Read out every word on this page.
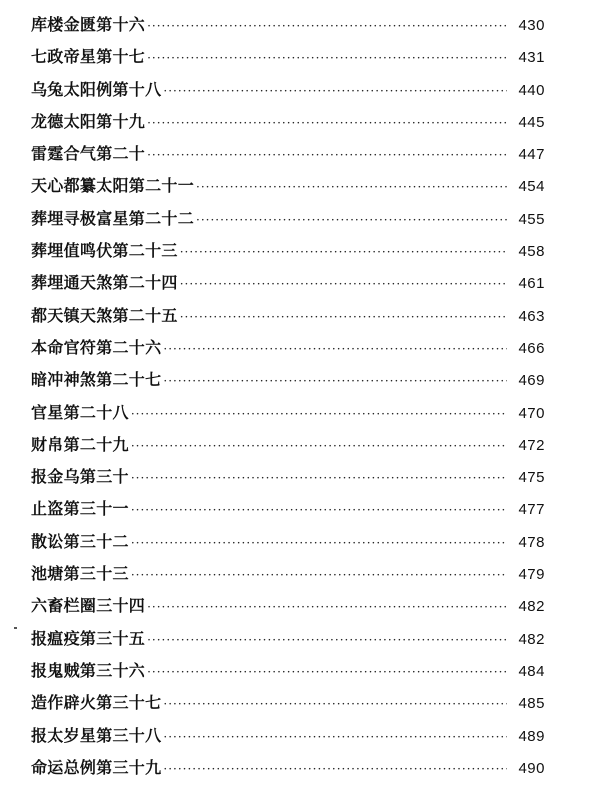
库楼金匮第十六 ·····	430
七政帝星第十七 ·····	431
乌兔太阳例第十八 ·····	440
龙德太阳第十九 ·····	445
雷霆合气第二十 ·····	447
天心都纂太阳第二十一 ·····	454
葬埋寻极富星第二十二 ·····	455
葬埋值鸣伏第二十三 ·····	458
葬埋通天煞第二十四 ·····	461
都天镇天煞第二十五 ·····	463
本命官符第二十六 ·····	466
暗冲神煞第二十七 ·····	469
官星第二十八 ·····	470
财帛第二十九 ·····	472
报金乌第三十 ·····	475
止盗第三十一 ·····	477
散讼第三十二 ·····	478
池塘第三十三 ·····	479
六畜栏圈三十四 ·····	482
报瘟疫第三十五 ·····	482
报鬼贼第三十六 ·····	484
造作辟火第三十七 ·····	485
报太岁星第三十八 ·····	489
命运总例第三十九 ·····	490
